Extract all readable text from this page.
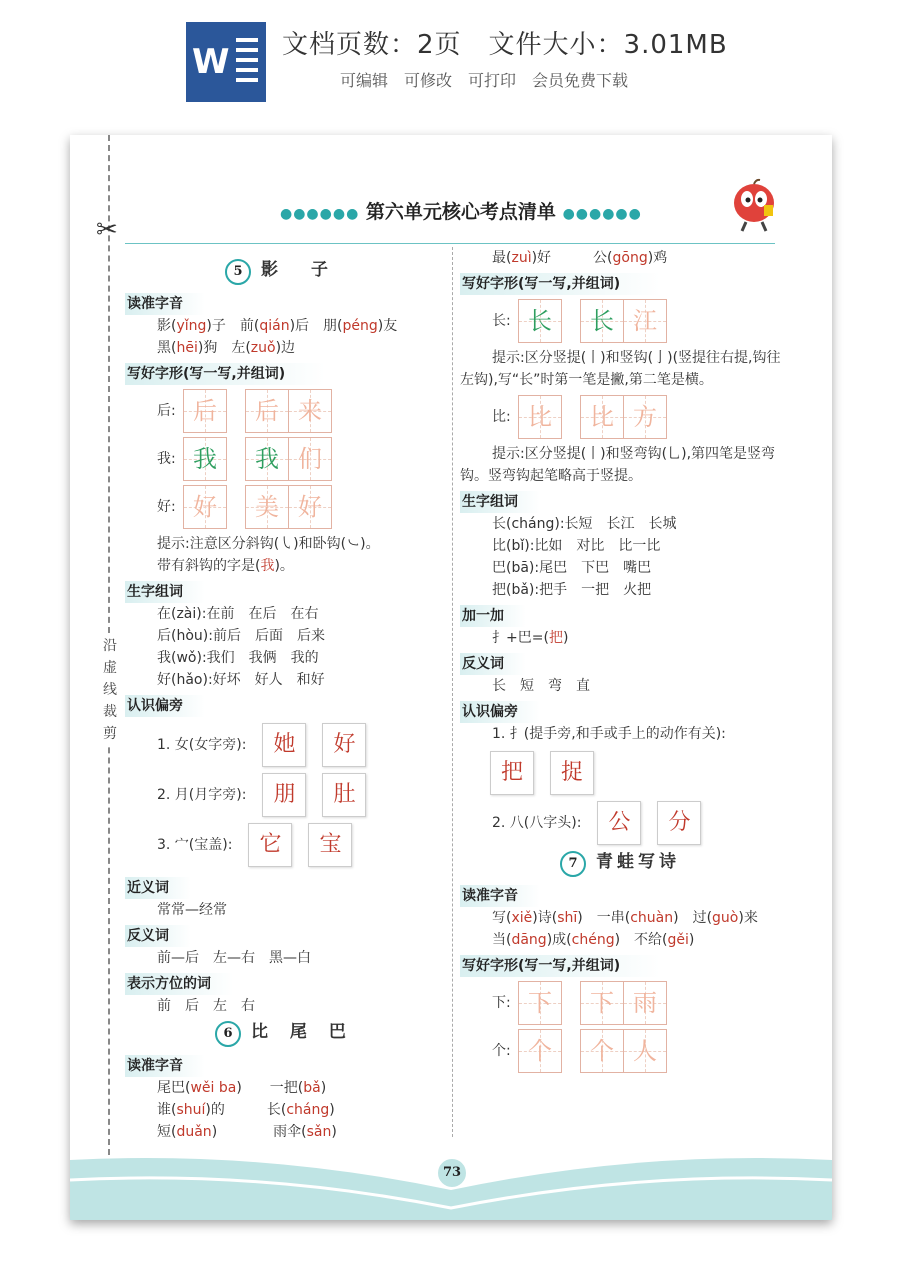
W 文档页数：2页　文件大小：3.01MB
可编辑　可修改　可打印　会员免费下载
✂
沿虚线裁剪
●●●●●● 第六单元核心考点清单 ●●●●●●
5 影　子
读准字音
影(yǐng)子　前(qián)后　朋(péng)友
黑(hēi)狗　左(zuǒ)边
写好字形(写一写,并组词)
后: 后 后 来
我: 我 我 们
好: 好 美 好
提示:注意区分斜钩(㇂)和卧钩(㇃)。
带有斜钩的字是(我)。
生字组词
在(zài):在前　在后　在右
后(hòu):前后　后面　后来
我(wǒ):我们　我俩　我的
好(hǎo):好坏　好人　和好
认识偏旁
1. 女(女字旁):	她	好
2. 月(月字旁):	朋	肚
3. 宀(宝盖):	它	宝
近义词
常常—经常
反义词
前—后　左—右　黑—白
表示方位的词
前　后　左　右
6 比 尾 巴
读准字音
尾巴(wěi ba)　　一把(bǎ)
谁(shuí)的　　　长(cháng)
短(duǎn)　　　　雨伞(sǎn)
最(zuì)好　　　公(gōng)鸡
写好字形(写一写,并组词)
长: 长 长 江
提示:区分竖提(丨)和竖钩(亅)(竖提往右提,钩往左钩),写“长”时第一笔是撇,第二笔是横。
比: 比 比 方
提示:区分竖提(丨)和竖弯钩(乚),第四笔是竖弯钩。竖弯钩起笔略高于竖提。
生字组词
长(cháng):长短　长江　长城
比(bǐ):比如　对比　比一比
巴(bā):尾巴　下巴　嘴巴
把(bǎ):把手　一把　火把
加一加
扌+巴=(把)
反义词
长　短　弯　直
认识偏旁
1. 扌(提手旁,和手或手上的动作有关):
把	捉
2. 八(八字头):	公	分
7 青蛙写诗
读准字音
写(xiě)诗(shī)　一串(chuàn)　过(guò)来
当(dāng)成(chéng)　不给(gěi)
写好字形(写一写,并组词)
下: 下 下 雨
个: 个 个 人
73
